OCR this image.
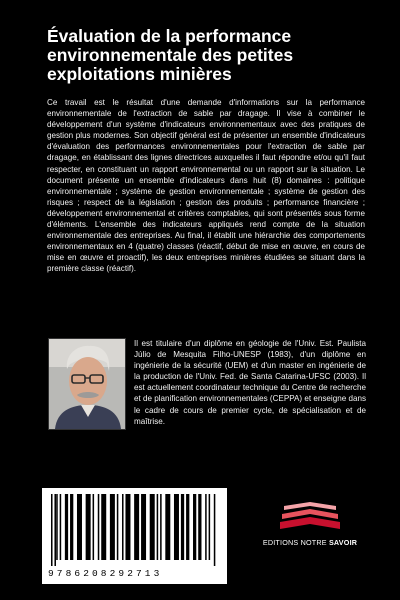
Évaluation de la performance environnementale des petites exploitations minières

Ce travail est le résultat d'une demande d'informations sur la performance environnementale de l'extraction de sable par dragage. Il vise à combiner le développement d'un système d'indicateurs environnementaux avec des pratiques de gestion plus modernes. Son objectif général est de présenter un ensemble d'indicateurs d'évaluation des performances environnementales pour l'extraction de sable par dragage, en établissant des lignes directrices auxquelles il faut répondre et/ou qu'il faut respecter, en constituant un rapport environnemental ou un rapport sur la situation. Le document présente un ensemble d'indicateurs dans huit (8) domaines : politique environnementale ; système de gestion environnementale ; système de gestion des risques ; respect de la législation ; gestion des produits ; performance financière ; développement environnemental et critères comptables, qui sont présentés sous forme d'éléments. L'ensemble des indicateurs appliqués rend compte de la situation environnementale des entreprises. Au final, il établit une hiérarchie des comportements environnementaux en 4 (quatre) classes (réactif, début de mise en œuvre, en cours de mise en œuvre et proactif), les deux entreprises minières étudiées se situant dans la première classe (réactif).

Il est titulaire d'un diplôme en géologie de l'Univ. Est. Paulista Júlio de Mesquita Filho-UNESP (1983), d'un diplôme en ingénierie de la sécurité (UEM) et d'un master en ingénierie de la production de l'Univ. Fed. de Santa Catarina-UFSC (2003). Il est actuellement coordinateur technique du Centre de recherche et de planification environnementales (CEPPA) et enseigne dans le cadre de cours de premier cycle, de spécialisation et de maîtrise.

9786208292713
EDITIONS NOTRE SAVOIR
